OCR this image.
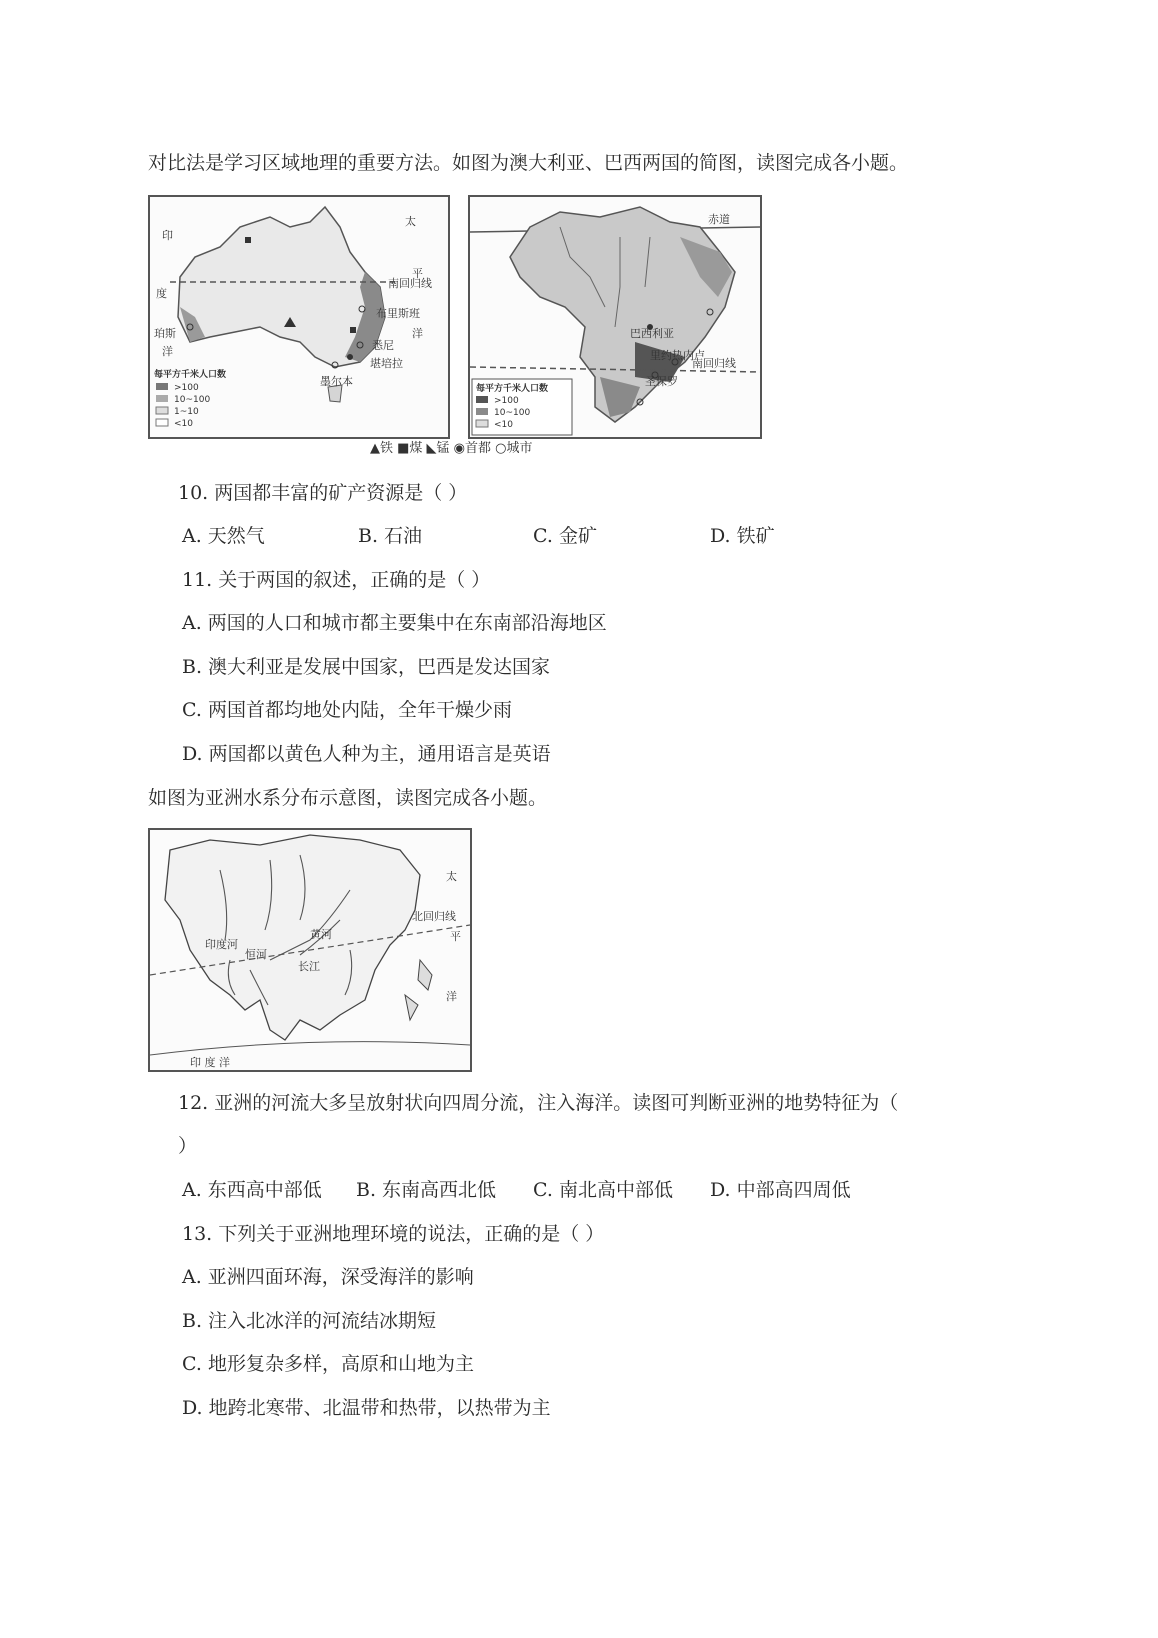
对比法是学习区域地理的重要方法。如图为澳大利亚、巴西两国的简图，读图完成各小题。
印
度
洋
太
平
洋
南回归线
布里斯班
悉尼
堪培拉
墨尔本
珀斯
每平方千米人口数
>100
10~100
1~10
<10
赤道
南回归线
巴西利亚
里约热内卢
圣保罗
每平方千米人口数
>100
10~100
<10
▲铁 ■煤 ◣锰 ◉首都 ○城市
10. 两国都丰富的矿产资源是（ ）
A. 天然气	B. 石油	C. 金矿	D. 铁矿
11. 关于两国的叙述，正确的是（ ）
A. 两国的人口和城市都主要集中在东南部沿海地区
B. 澳大利亚是发展中国家，巴西是发达国家
C. 两国首都均地处内陆，全年干燥少雨
D. 两国都以黄色人种为主，通用语言是英语
如图为亚洲水系分布示意图，读图完成各小题。
太
平
洋
印 度 洋
北回归线
长江
黄河
恒河
印度河
12. 亚洲的河流大多呈放射状向四周分流，注入海洋。读图可判断亚洲的地势特征为（
）
A. 东西高中部低 B. 东南高西北低 C. 南北高中部低 D. 中部高四周低
13. 下列关于亚洲地理环境的说法，正确的是（ ）
A. 亚洲四面环海，深受海洋的影响
B. 注入北冰洋的河流结冰期短
C. 地形复杂多样，高原和山地为主
D. 地跨北寒带、北温带和热带，以热带为主
